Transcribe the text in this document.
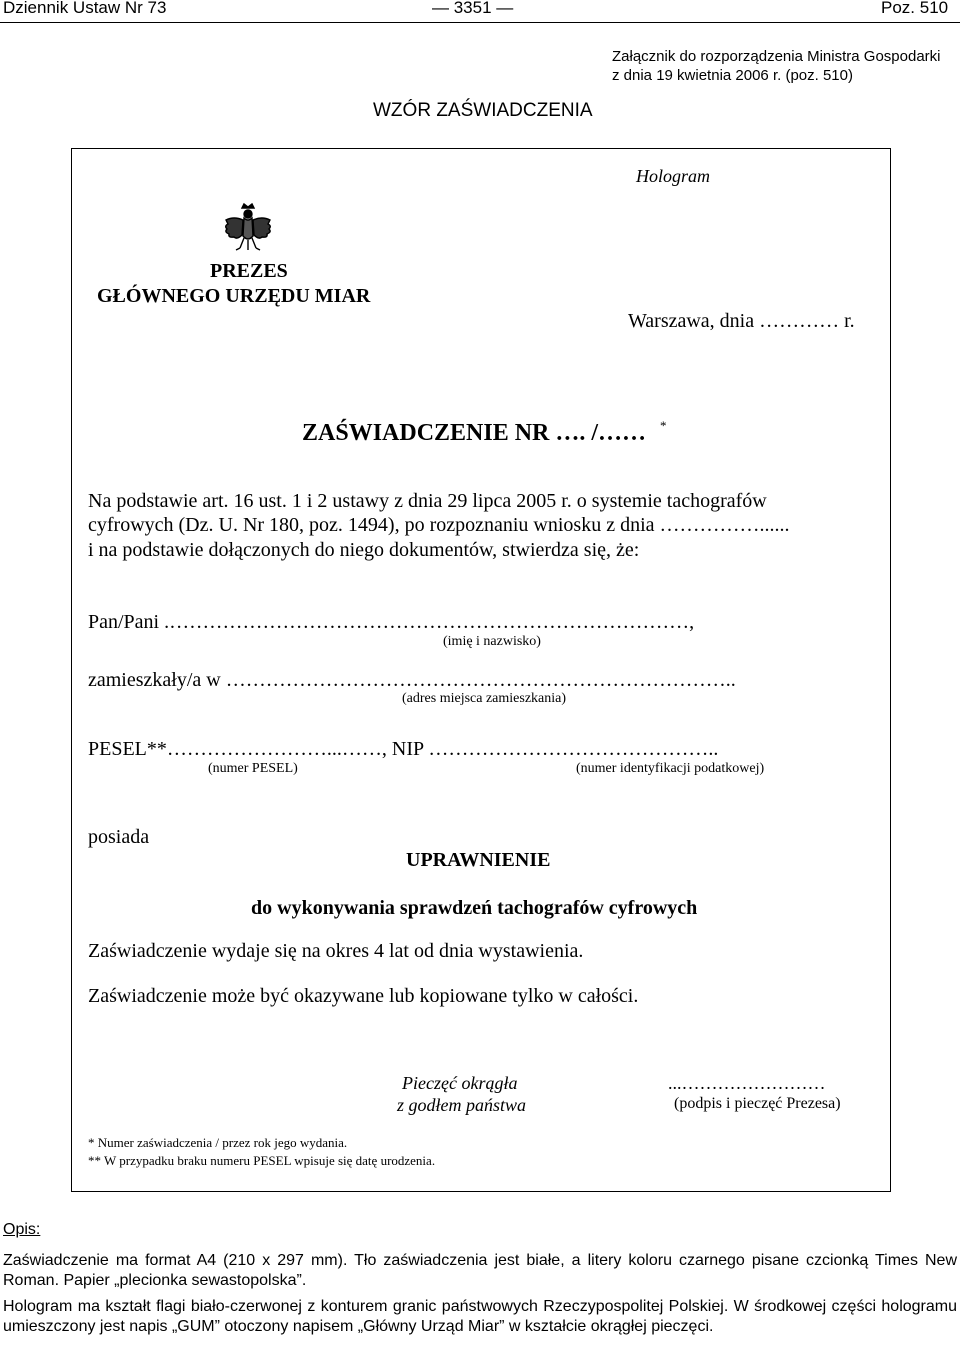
Dziennik Ustaw Nr 73	— 3351 —	Poz. 510
Załącznik do rozporządzenia Ministra Gospodarki
z dnia 19 kwietnia 2006 r. (poz. 510)
WZÓR ZAŚWIADCZENIA
Hologram
PREZES
GŁÓWNEGO URZĘDU MIAR
Warszawa, dnia ………… r.
ZAŚWIADCZENIE NR …. /…… *
Na podstawie art. 16 ust. 1 i 2 ustawy z dnia 29 lipca 2005 r. o systemie tachografów
cyfrowych (Dz. U. Nr 180, poz. 1494), po rozpoznaniu wniosku z dnia ……………......
i na podstawie dołączonych do niego dokumentów, stwierdza się, że:
Pan/Pani .……………………………………………………………………,
(imię i nazwisko)
zamieszkały/a w …………………………………………………………………..
(adres miejsca zamieszkania)
PESEL**……………………...……, NIP ……………………………………..
(numer PESEL)	(numer identyfikacji podatkowej)
posiada
UPRAWNIENIE
do wykonywania sprawdzeń tachografów cyfrowych
Zaświadczenie wydaje się na okres 4 lat od dnia wystawienia.
Zaświadczenie może być okazywane lub kopiowane tylko w całości.
Pieczęć okrągła
z godłem państwa
...……………………
(podpis i pieczęć Prezesa)
* Numer zaświadczenia / przez rok jego wydania.
** W przypadku braku numeru PESEL wpisuje się datę urodzenia.
Opis:
Zaświadczenie ma format A4 (210 x 297 mm). Tło zaświadczenia jest białe, a litery koloru czarnego pisane czcionką Times New Roman. Papier „plecionka sewastopolska”.
Hologram ma kształt flagi biało-czerwonej z konturem granic państwowych Rzeczypospolitej Polskiej. W środkowej części hologramu umieszczony jest napis „GUM” otoczony napisem „Główny Urząd Miar” w kształcie okrągłej pieczęci.
